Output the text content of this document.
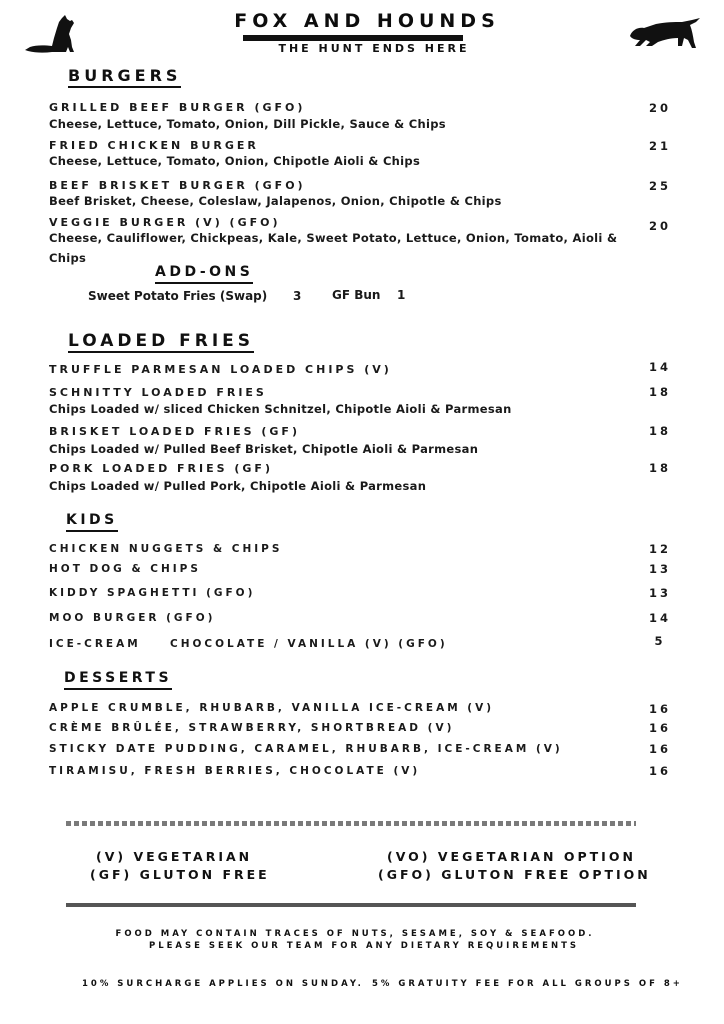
FOX AND HOUNDS
THE HUNT ENDS HERE
BURGERS
GRILLED BEEF BURGER (GFO)	20
Cheese, Lettuce, Tomato, Onion, Dill Pickle, Sauce & Chips
FRIED CHICKEN BURGER	21
Cheese, Lettuce, Tomato, Onion, Chipotle Aioli & Chips
BEEF BRISKET BURGER (GFO)	25
Beef Brisket, Cheese, Coleslaw, Jalapenos, Onion, Chipotle & Chips
VEGGIE BURGER (V) (GFO)	20
Cheese, Cauliflower, Chickpeas, Kale, Sweet Potato, Lettuce, Onion, Tomato, Aioli & Chips
ADD-ONS
Sweet Potato Fries (Swap) 3	GF Bun 1
LOADED FRIES
TRUFFLE PARMESAN LOADED CHIPS (V)	14
SCHNITTY LOADED FRIES	18
Chips Loaded w/ sliced Chicken Schnitzel, Chipotle Aioli & Parmesan
BRISKET LOADED FRIES (GF)	18
Chips Loaded w/ Pulled Beef Brisket, Chipotle Aioli & Parmesan
PORK LOADED FRIES (GF)	18
Chips Loaded w/ Pulled Pork, Chipotle Aioli & Parmesan
KIDS
CHICKEN NUGGETS & CHIPS	12
HOT DOG & CHIPS	13
KIDDY SPAGHETTI (GFO)	13
MOO BURGER (GFO)	14
ICE-CREAM	CHOCOLATE / VANILLA (V) (GFO)	5
DESSERTS
APPLE CRUMBLE, RHUBARB, VANILLA ICE-CREAM (V)	16
CRÈME BRÛLÉE, STRAWBERRY, SHORTBREAD (V)	16
STICKY DATE PUDDING, CARAMEL, RHUBARB, ICE-CREAM (V)	16
TIRAMISU, FRESH BERRIES, CHOCOLATE (V)	16
(V) VEGETARIAN
(GF) GLUTON FREE
(VO) VEGETARIAN OPTION
(GFO) GLUTON FREE OPTION
FOOD MAY CONTAIN TRACES OF NUTS, SESAME, SOY & SEAFOOD.
PLEASE SEEK OUR TEAM FOR ANY DIETARY REQUIREMENTS
10% SURCHARGE APPLIES ON SUNDAY. 5% GRATUITY FEE FOR ALL GROUPS OF 8+
